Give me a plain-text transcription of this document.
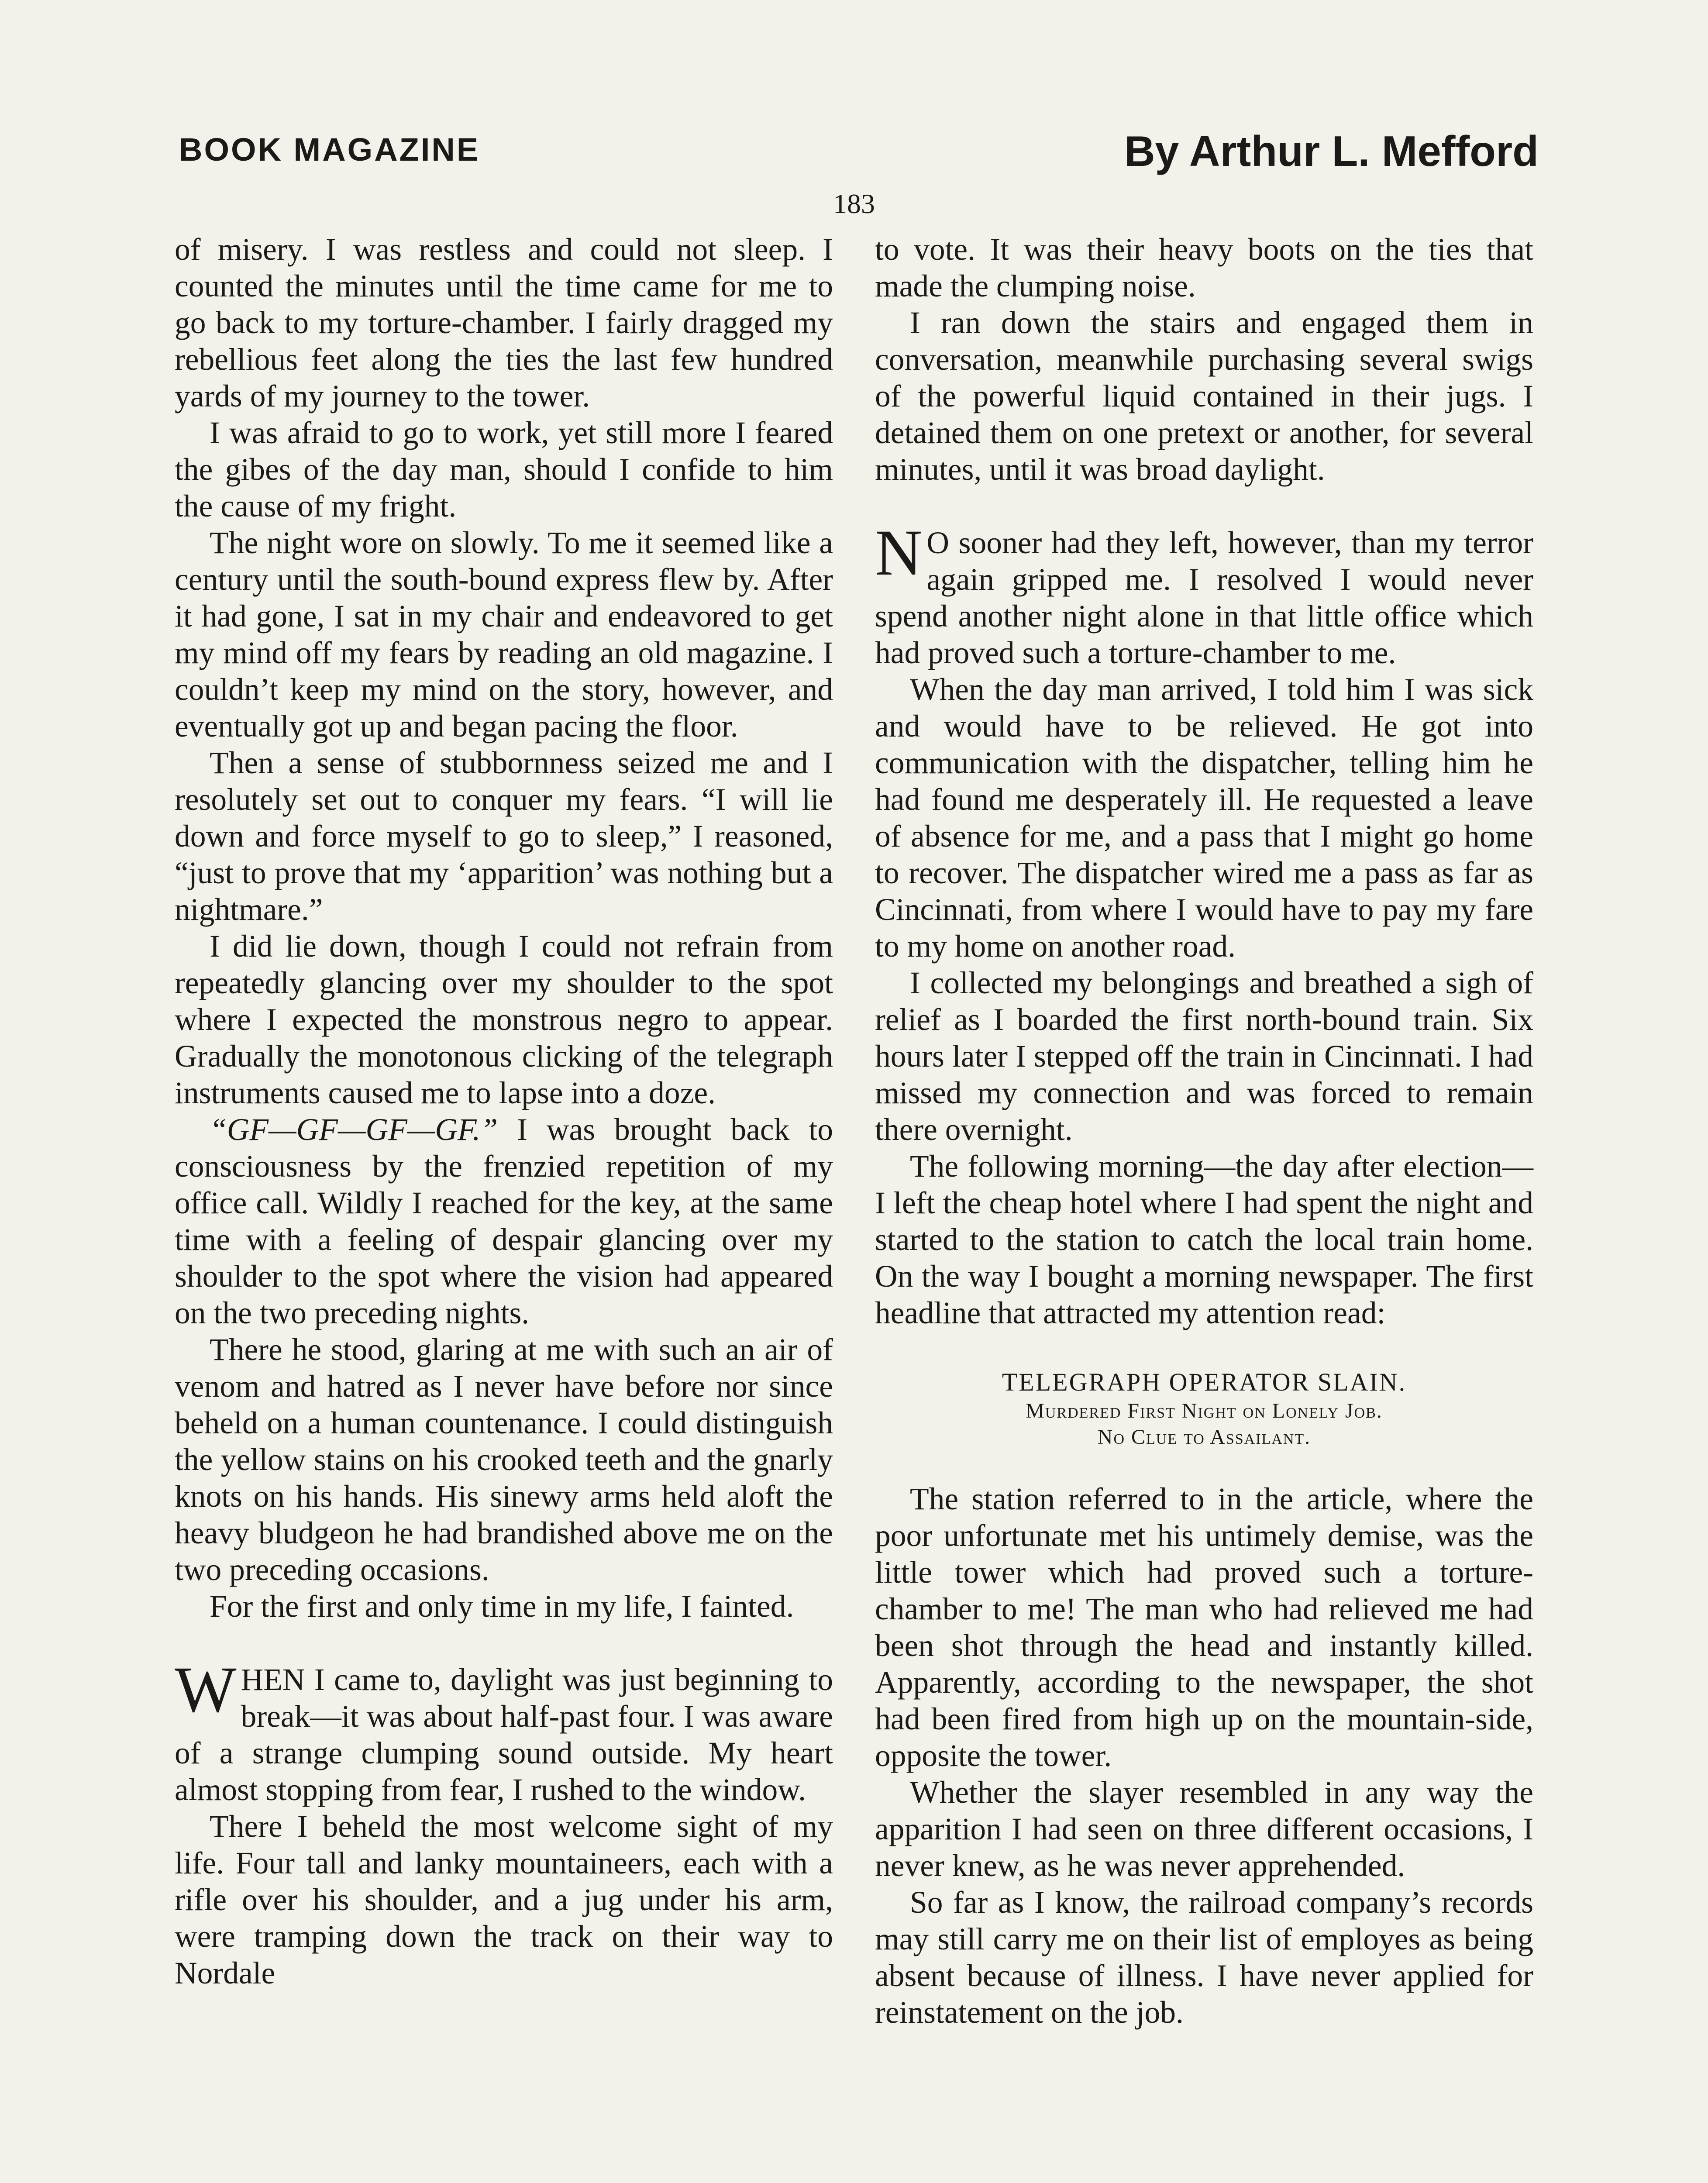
BOOK MAGAZINE	By Arthur L. Mefford
183

of misery. I was restless and could not sleep. I counted the minutes until the time came for me to go back to my torture-chamber. I fairly dragged my rebellious feet along the ties the last few hundred yards of my journey to the tower.

I was afraid to go to work, yet still more I feared the gibes of the day man, should I confide to him the cause of my fright.

The night wore on slowly. To me it seemed like a century until the south-bound express flew by. After it had gone, I sat in my chair and endeavored to get my mind off my fears by reading an old magazine. I couldn’t keep my mind on the story, however, and eventually got up and began pacing the floor.

Then a sense of stubbornness seized me and I resolutely set out to conquer my fears. “I will lie down and force myself to go to sleep,” I reasoned, “just to prove that my ‘apparition’ was nothing but a nightmare.”

I did lie down, though I could not refrain from repeatedly glancing over my shoulder to the spot where I expected the monstrous negro to appear. Gradually the monotonous clicking of the telegraph instruments caused me to lapse into a doze.

“GF—GF—GF—GF.” I was brought back to consciousness by the frenzied repetition of my office call. Wildly I reached for the key, at the same time with a feeling of despair glancing over my shoulder to the spot where the vision had appeared on the two preceding nights.

There he stood, glaring at me with such an air of venom and hatred as I never have before nor since beheld on a human countenance. I could distinguish the yellow stains on his crooked teeth and the gnarly knots on his hands. His sinewy arms held aloft the heavy bludgeon he had brandished above me on the two preceding occasions.

For the first and only time in my life, I fainted.

WHEN I came to, daylight was just beginning to break—it was about half-past four. I was aware of a strange clumping sound outside. My heart almost stopping from fear, I rushed to the window.

There I beheld the most welcome sight of my life. Four tall and lanky mountaineers, each with a rifle over his shoulder, and a jug under his arm, were tramping down the track on their way to Nordale

to vote. It was their heavy boots on the ties that made the clumping noise.

I ran down the stairs and engaged them in conversation, meanwhile purchasing several swigs of the powerful liquid contained in their jugs. I detained them on one pretext or another, for several minutes, until it was broad daylight.

N O sooner had they left, however, than my terror again gripped me. I resolved I would never spend another night alone in that little office which had proved such a torture-chamber to me.

When the day man arrived, I told him I was sick and would have to be relieved. He got into communication with the dispatcher, telling him he had found me desperately ill. He requested a leave of absence for me, and a pass that I might go home to recover. The dispatcher wired me a pass as far as Cincinnati, from where I would have to pay my fare to my home on another road.

I collected my belongings and breathed a sigh of relief as I boarded the first north-bound train. Six hours later I stepped off the train in Cincinnati. I had missed my connection and was forced to remain there overnight.

The following morning—the day after election—I left the cheap hotel where I had spent the night and started to the station to catch the local train home. On the way I bought a morning newspaper. The first headline that attracted my attention read:

TELEGRAPH OPERATOR SLAIN.
Murdered First Night on Lonely Job.
No Clue to Assailant.

The station referred to in the article, where the poor unfortunate met his untimely demise, was the little tower which had proved such a torture-chamber to me! The man who had relieved me had been shot through the head and instantly killed. Apparently, according to the newspaper, the shot had been fired from high up on the mountain-side, opposite the tower.

Whether the slayer resembled in any way the apparition I had seen on three different occasions, I never knew, as he was never apprehended.

So far as I know, the railroad company’s records may still carry me on their list of employes as being absent because of illness. I have never applied for reinstatement on the job.
